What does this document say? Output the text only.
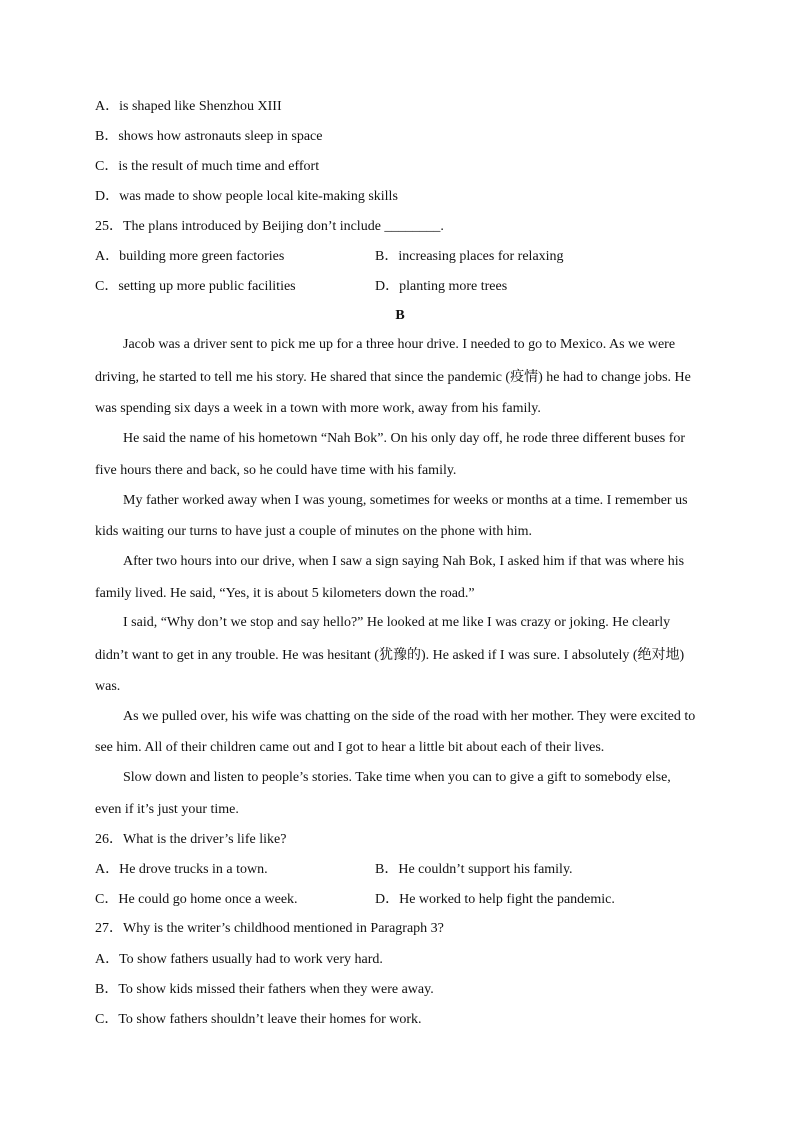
A．is shaped like Shenzhou XIII
B．shows how astronauts sleep in space
C．is the result of much time and effort
D．was made to show people local kite-making skills
25．The plans introduced by Beijing don’t include ________.
A．building more green factories	B．increasing places for relaxing
C．setting up more public facilities	D．planting more trees
B
Jacob was a driver sent to pick me up for a three hour drive. I needed to go to Mexico. As we were
driving, he started to tell me his story. He shared that since the pandemic (疫情) he had to change jobs. He
was spending six days a week in a town with more work, away from his family.
He said the name of his hometown “Nah Bok”. On his only day off, he rode three different buses for
five hours there and back, so he could have time with his family.
My father worked away when I was young, sometimes for weeks or months at a time. I remember us
kids waiting our turns to have just a couple of minutes on the phone with him.
After two hours into our drive, when I saw a sign saying Nah Bok, I asked him if that was where his
family lived. He said, “Yes, it is about 5 kilometers down the road.”
I said, “Why don’t we stop and say hello?” He looked at me like I was crazy or joking. He clearly
didn’t want to get in any trouble. He was hesitant (犹豫的). He asked if I was sure. I absolutely (绝对地)
was.
As we pulled over, his wife was chatting on the side of the road with her mother. They were excited to
see him. All of their children came out and I got to hear a little bit about each of their lives.
Slow down and listen to people’s stories. Take time when you can to give a gift to somebody else,
even if it’s just your time.
26．What is the driver’s life like?
A．He drove trucks in a town.	B．He couldn’t support his family.
C．He could go home once a week.	D．He worked to help fight the pandemic.
27．Why is the writer’s childhood mentioned in Paragraph 3?
A．To show fathers usually had to work very hard.
B．To show kids missed their fathers when they were away.
C．To show fathers shouldn’t leave their homes for work.
